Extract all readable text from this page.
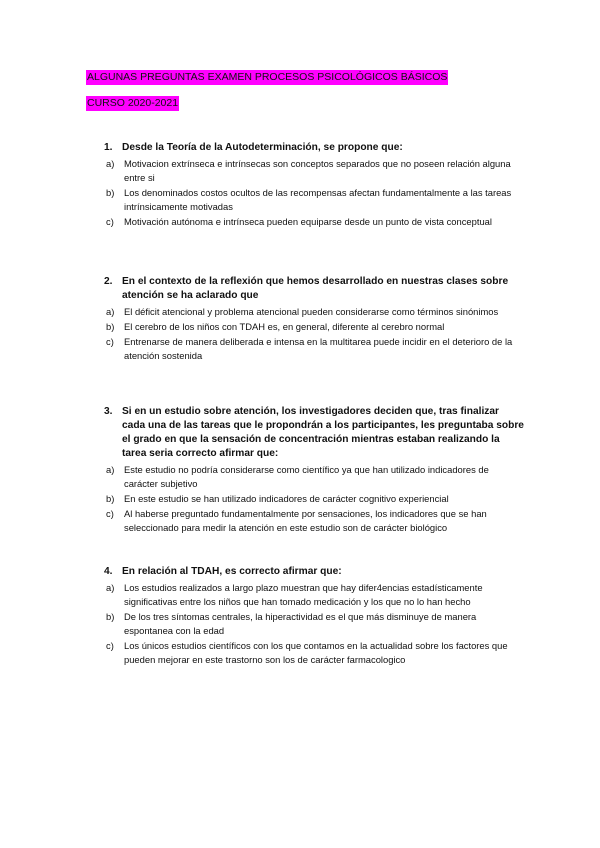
ALGUNAS PREGUNTAS EXAMEN PROCESOS PSICOLÓGICOS BÁSICOS
CURSO 2020-2021
1. Desde la Teoría de la Autodeterminación, se propone que:
a)	Motivacion extrínseca e intrínsecas son conceptos separados que no poseen relación alguna entre si
b)	Los denominados costos ocultos de las recompensas afectan fundamentalmente a las tareas intrínsicamente motivadas
c)	Motivación autónoma e intrínseca pueden equiparse desde un punto de vista conceptual
2. En el contexto de la reflexión que hemos desarrollado en nuestras clases sobre atención se ha aclarado que
a)	El déficit atencional y problema atencional pueden considerarse como términos sinónimos
b)	El cerebro de los niños con TDAH es, en general, diferente al cerebro normal
c)	Entrenarse de manera deliberada e intensa en la multitarea puede incidir en el deterioro de la atención sostenida
3. Si en un estudio sobre atención, los investigadores deciden que, tras finalizar cada una de las tareas que le propondrán a los participantes, les preguntaba sobre el grado en que la sensación de concentración mientras estaban realizando la tarea seria correcto afirmar que:
a)	Este estudio no podría considerarse como científico ya que han utilizado indicadores de carácter subjetivo
b)	En este estudio se han utilizado indicadores de carácter cognitivo experiencial
c)	Al haberse preguntado fundamentalmente por sensaciones, los indicadores que se han seleccionado para medir la atención en este estudio son de carácter biológico
4. En relación al TDAH, es correcto afirmar que:
a)	Los estudios realizados a largo plazo muestran que hay difer4encias estadísticamente significativas entre los niños que han tomado medicación y los que no lo han hecho
b)	De los tres síntomas centrales, la hiperactividad es el que más disminuye de manera espontanea con la edad
c)	Los únicos estudios científicos con los que contamos en la actualidad sobre los factores que pueden mejorar en este trastorno son los de carácter farmacologico
